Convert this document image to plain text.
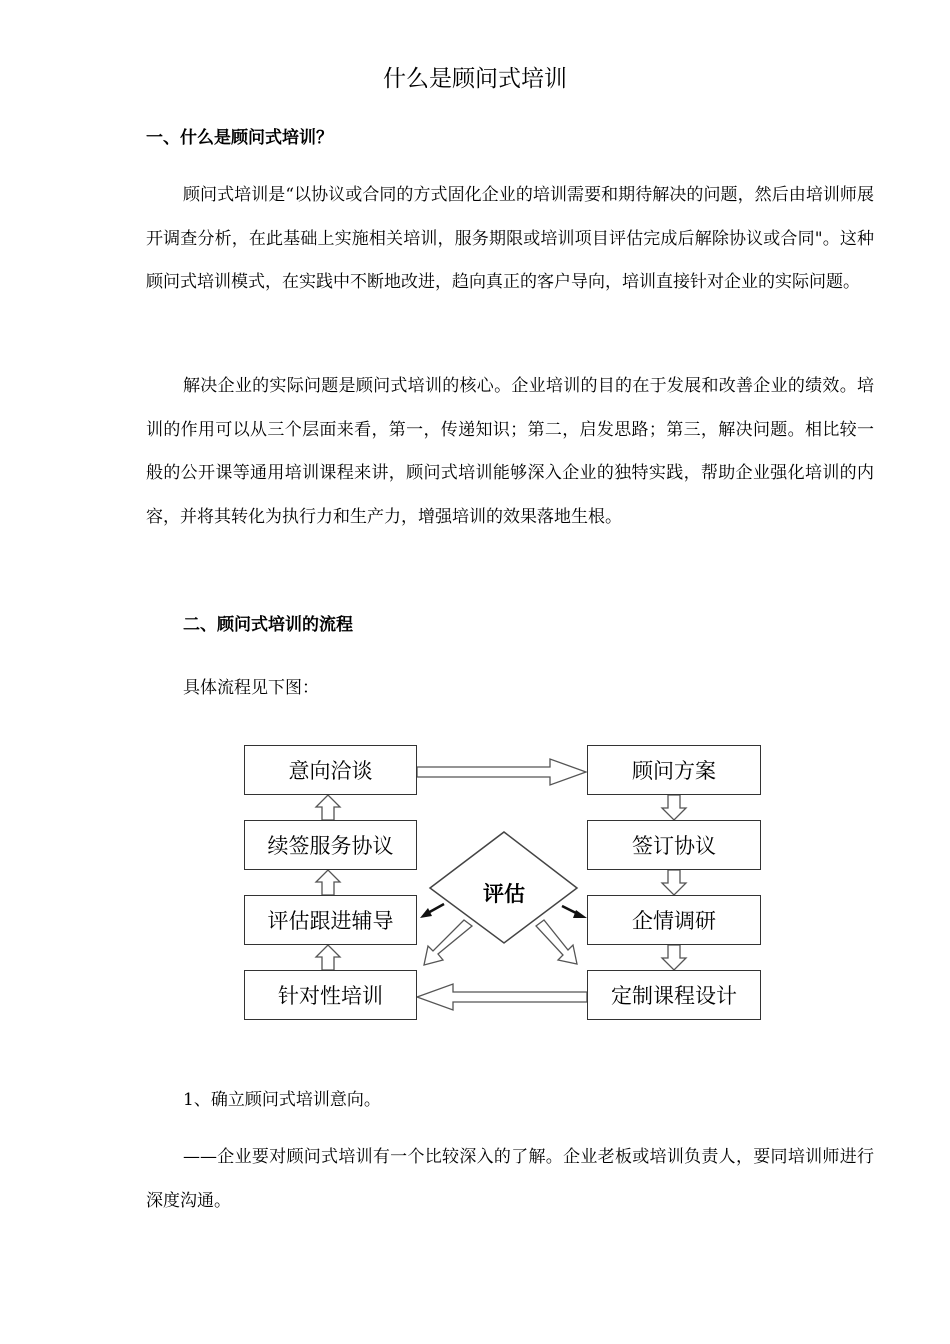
什么是顾问式培训
一、什么是顾问式培训？

顾问式培训是“以协议或合同的方式固化企业的培训需要和期待解决的问题，然后由培训师展开调查分析，在此基础上实施相关培训，服务期限或培训项目评估完成后解除协议或合同"。这种顾问式培训模式，在实践中不断地改进，趋向真正的客户导向，培训直接针对企业的实际问题。

解决企业的实际问题是顾问式培训的核心。企业培训的目的在于发展和改善企业的绩效。培训的作用可以从三个层面来看，第一，传递知识；第二，启发思路；第三，解决问题。相比较一般的公开课等通用培训课程来讲，顾问式培训能够深入企业的独特实践，帮助企业强化培训的内容，并将其转化为执行力和生产力，增强培训的效果落地生根。

二、顾问式培训的流程
具体流程见下图：
意向洽谈
续签服务协议
评估跟进辅导
针对性培训
顾问方案
签订协议
企情调研
定制课程设计
评估
1、确立顾问式培训意向。

——企业要对顾问式培训有一个比较深入的了解。企业老板或培训负责人，要同培训师进行深度沟通。
